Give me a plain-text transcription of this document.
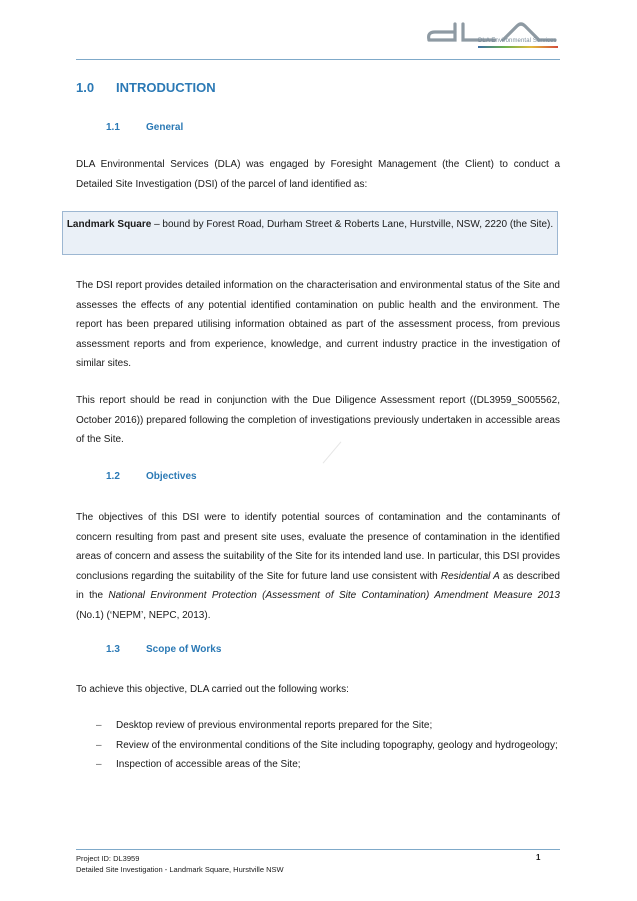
DLA Environmental Services
1.0 INTRODUCTION
1.1	General
DLA Environmental Services (DLA) was engaged by Foresight Management (the Client) to conduct a Detailed Site Investigation (DSI) of the parcel of land identified as:
The DSI report provides detailed information on the characterisation and environmental status of the Site and assesses the effects of any potential identified contamination on public health and the environment. The report has been prepared utilising information obtained as part of the assessment process, from previous assessment reports and from experience, knowledge, and current industry practice in the investigation of similar sites.
This report should be read in conjunction with the Due Diligence Assessment report ((DL3959_S005562, October 2016)) prepared following the completion of investigations previously undertaken in accessible areas of the Site.
1.2	Objectives
The objectives of this DSI were to identify potential sources of contamination and the contaminants of concern resulting from past and present site uses, evaluate the presence of contamination in the identified areas of concern and assess the suitability of the Site for its intended land use. In particular, this DSI provides conclusions regarding the suitability of the Site for future land use consistent with Residential A as described in the National Environment Protection (Assessment of Site Contamination) Amendment Measure 2013 (No.1) (‘NEPM’, NEPC, 2013).
1.3	Scope of Works
To achieve this objective, DLA carried out the following works:
– Desktop review of previous environmental reports prepared for the Site;
– Review of the environmental conditions of the Site including topography, geology and hydrogeology;
– Inspection of accessible areas of the Site;
Landmark Square – bound by Forest Road, Durham Street & Roberts Lane, Hurstville, NSW, 2220 (the Site).
Project ID: DL3959
Detailed Site Investigation - Landmark Square, Hurstville NSW
1
